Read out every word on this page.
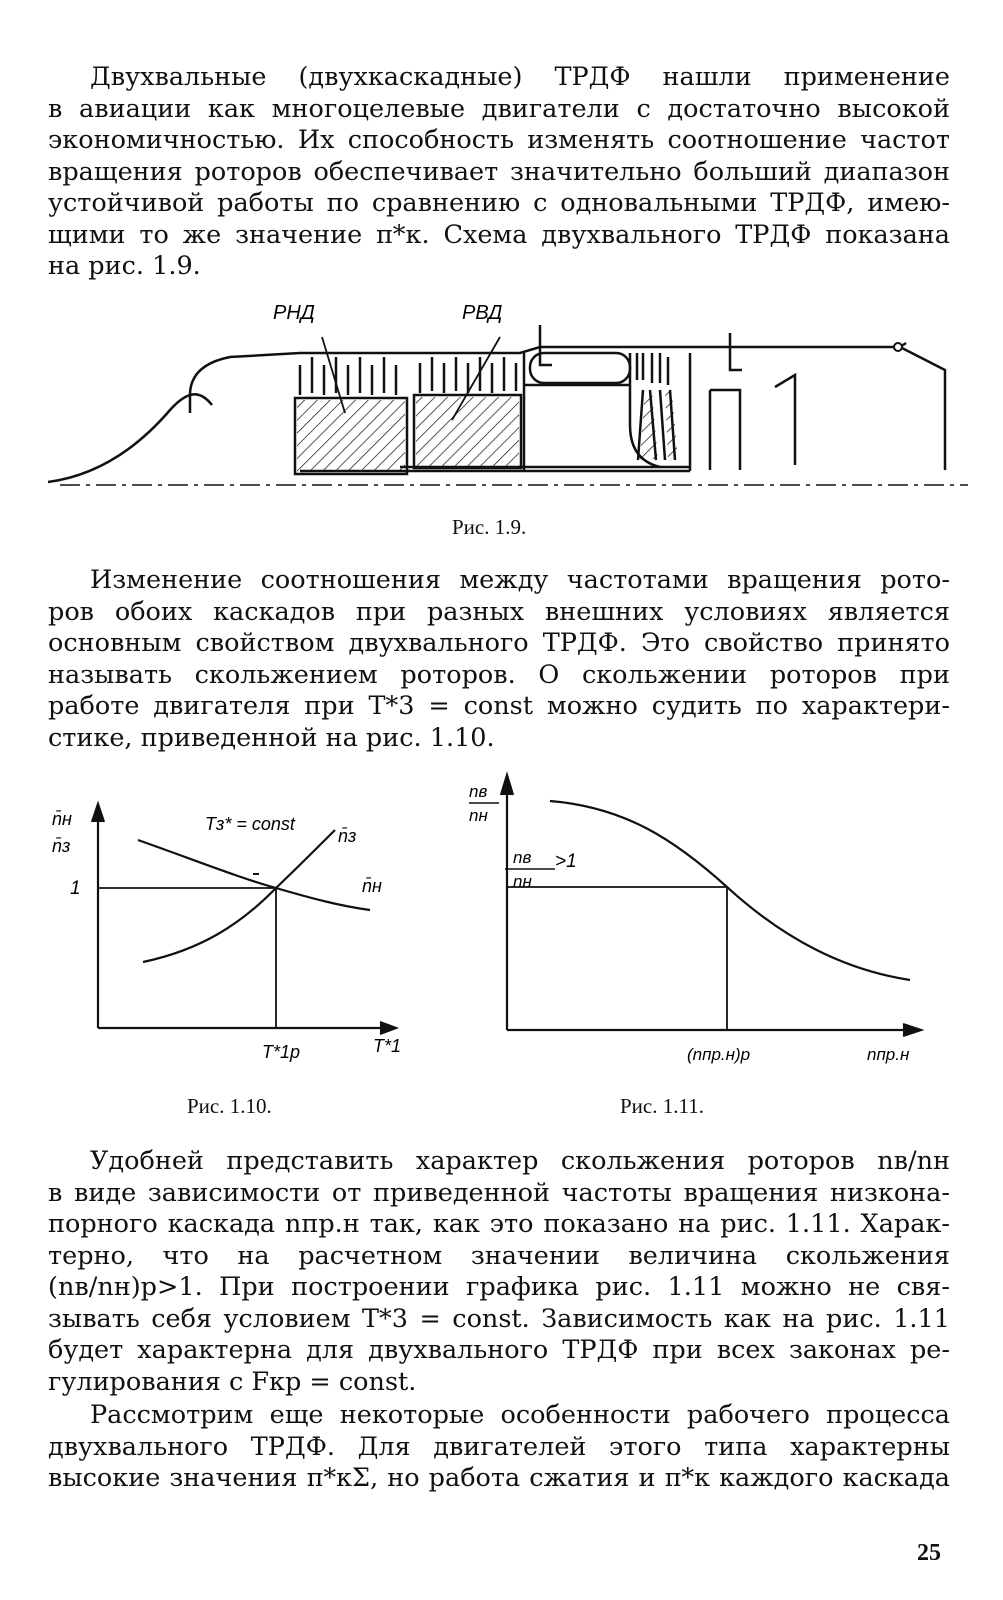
Двухвальные (двухкаскадные) ТРДФ нашли применение
в авиации как многоцелевые двигатели с достаточно высокой
экономичностью. Их способность изменять соотношение частот
вращения роторов обеспечивает значительно больший диапазон
устойчивой работы по сравнению с одновальными ТРДФ, имею-
щими то же значение π*к. Схема двухвального ТРДФ показана
на рис. 1.9.
РНД	РВД
Рис. 1.9.
Изменение соотношения между частотами вращения рото-
ров обоих каскадов при разных внешних условиях является
основным свойством двухвального ТРДФ. Это свойство принято
называть скольжением роторов. О скольжении роторов при
работе двигателя при T*3 = const можно судить по характери-
стике, приведенной на рис. 1.10.
n̄н
n̄з
1
Tз* = const
n̄з
n̄н
T*1р	T*1
Рис. 1.10.
nв
nн
nв >1
nн
(nпр.н)р	nпр.н
Рис. 1.11.
Удобней представить характер скольжения роторов nв/nн
в виде зависимости от приведенной частоты вращения низкона-
порного каскада nпр.н так, как это показано на рис. 1.11. Харак-
терно, что на расчетном значении величина скольжения
(nв/nн)р>1. При построении графика рис. 1.11 можно не свя-
зывать себя условием T*3 = const. Зависимость как на рис. 1.11
будет характерна для двухвального ТРДФ при всех законах ре-
гулирования с Fкр = const.
Рассмотрим еще некоторые особенности рабочего процесса
двухвального ТРДФ. Для двигателей этого типа характерны
высокие значения π*кΣ, но работа сжатия и π*к каждого каскада
25
